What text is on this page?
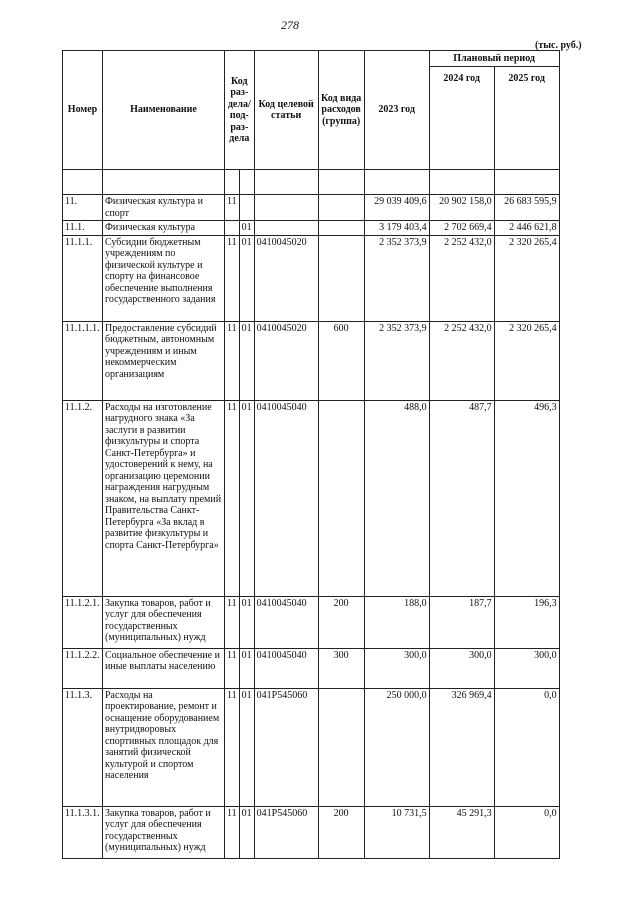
278
(тыс. руб.)
Номер	Наименование	Код раз- дела/ под- раз- дела		Код целевой статьи	Код вида расходов (группа)	2023 год	Плановый период	
							2024 год	2025 год

11.	Физическая культура и спорт	11				29 039 409,6	20 902 158,0	26 683 595,9
11.1.	Физическая культура		01			3 179 403,4	2 702 669,4	2 446 621,8
11.1.1.	Субсидии бюджетным учреждениям по физической культуре и спорту на финансовое обеспечение выполнения государственного задания	11	01	0410045020		2 352 373,9	2 252 432,0	2 320 265,4
11.1.1.1.	Предоставление субсидий бюджетным, автономным учреждениям и иным некоммерческим организациям	11	01	0410045020	600	2 352 373,9	2 252 432,0	2 320 265,4
11.1.2.	Расходы на изготовление нагрудного знака «За заслуги в развитии физкультуры и спорта Санкт-Петербурга» и удостоверений к нему, на организацию церемонии награждения нагрудным знаком, на выплату премий Правительства Санкт-Петербурга «За вклад в развитие физкультуры и спорта Санкт-Петербурга»	11	01	0410045040		488,0	487,7	496,3
11.1.2.1.	Закупка товаров, работ и услуг для обеспечения государственных (муниципальных) нужд	11	01	0410045040	200	188,0	187,7	196,3
11.1.2.2.	Социальное обеспечение и иные выплаты населению	11	01	0410045040	300	300,0	300,0	300,0
11.1.3.	Расходы на проектирование, ремонт и оснащение оборудованием внутридворовых спортивных площадок для занятий физической культурой и спортом населения	11	01	041P545060		250 000,0	326 969,4	0,0
11.1.3.1.	Закупка товаров, работ и услуг для обеспечения государственных (муниципальных) нужд	11	01	041P545060	200	10 731,5	45 291,3	0,0
